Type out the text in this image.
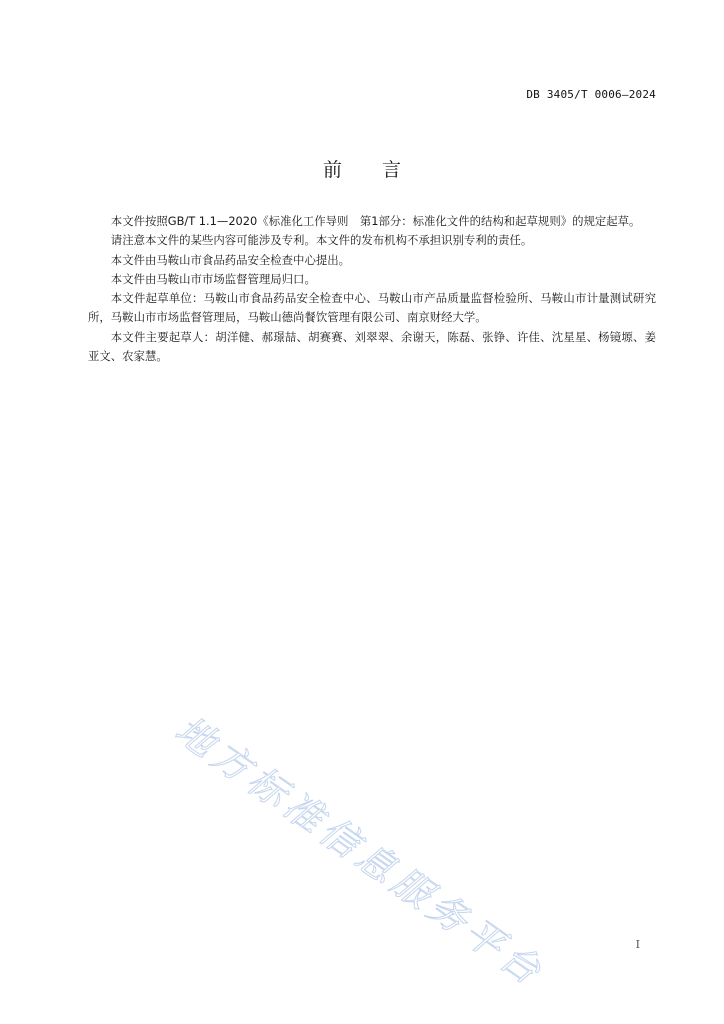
DB 3405/T 0006—2024
前言

本文件按照GB/T 1.1—2020《标准化工作导则　第1部分：标准化文件的结构和起草规则》的规定起草。

请注意本文件的某些内容可能涉及专利。本文件的发布机构不承担识别专利的责任。

本文件由马鞍山市食品药品安全检查中心提出。

本文件由马鞍山市市场监督管理局归口。

本文件起草单位：马鞍山市食品药品安全检查中心、马鞍山市产品质量监督检验所、马鞍山市计量测试研究所，马鞍山市市场监督管理局，马鞍山德尚餐饮管理有限公司、南京财经大学。

本文件主要起草人：胡洋健、郝璟喆、胡赛赛、刘翠翠、余谢天，陈磊、张铮、许佳、沈星星、杨镜塬、姜亚文、农家慧。

地方标准信息服务平台	I
